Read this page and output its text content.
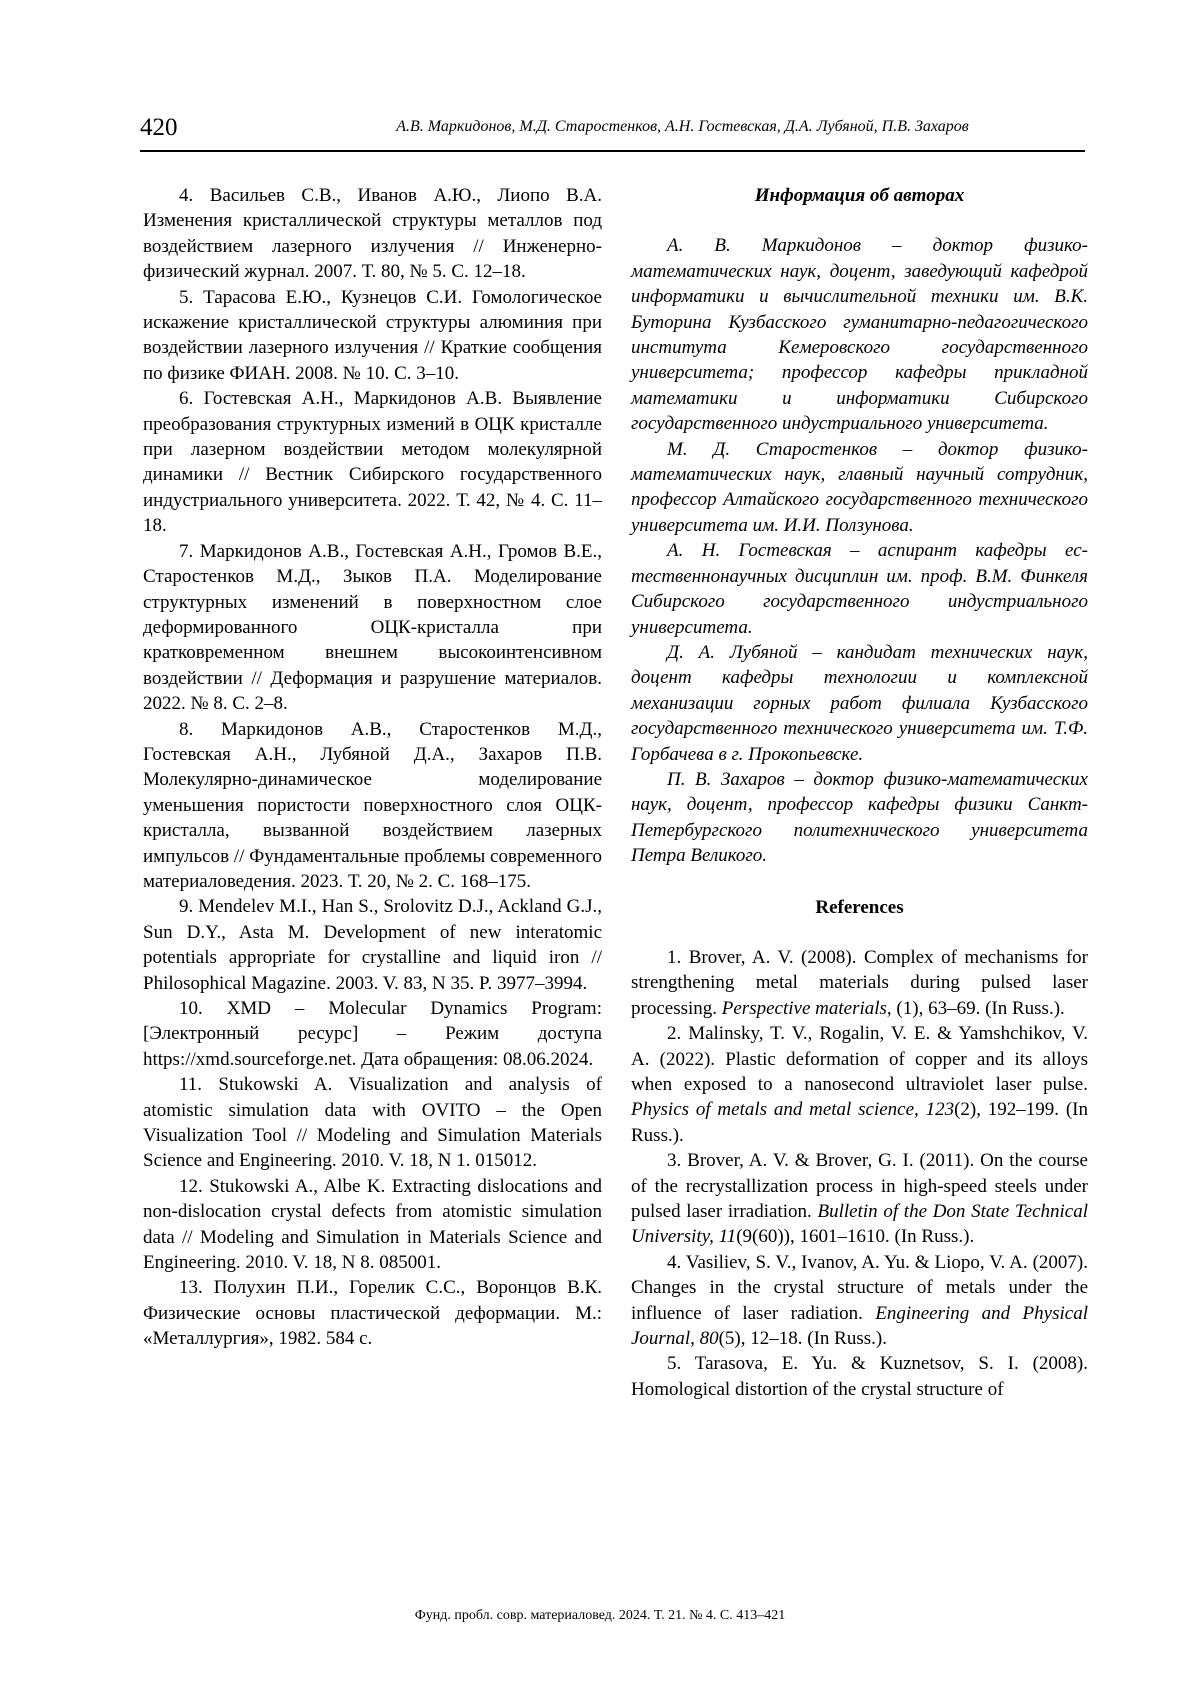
420	А.В. Маркидонов, М.Д. Старостенков, А.Н. Гостевская, Д.А. Лубяной, П.В. Захаров

4. Васильев С.В., Иванов А.Ю., Лиопо В.А. Изменения кристаллической структуры металлов под воздействием лазерного излучения // Инженерно-физический журнал. 2007. Т. 80, № 5. С. 12–18.

5. Тарасова Е.Ю., Кузнецов С.И. Гомологическое искажение кристаллической структуры алюминия при воздействии лазерного излучения // Краткие сообщения по физике ФИАН. 2008. № 10. С. 3–10.

6. Гостевская А.Н., Маркидонов А.В. Выявление преобразования структурных измений в ОЦК кристалле при лазерном воздействии методом молекулярной динамики // Вестник Сибирского государственного индустриального университета. 2022. Т. 42, № 4. С. 11–18.

7. Маркидонов А.В., Гостевская А.Н., Громов В.Е., Старостенков М.Д., Зыков П.А. Моделирование структурных изменений в поверхностном слое деформированного ОЦК-кристалла при кратковременном внешнем высокоинтенсивном воздействии // Деформация и разрушение материалов. 2022. № 8. С. 2–8.

8. Маркидонов А.В., Старостенков М.Д., Гостевская А.Н., Лубяной Д.А., Захаров П.В. Молекулярно-динамическое моделирование уменьшения пористости поверхностного слоя ОЦК-кристалла, вызванной воздействием лазерных импульсов // Фундаментальные проблемы современного материаловедения. 2023. Т. 20, № 2. С. 168–175.

9. Mendelev M.I., Han S., Srolovitz D.J., Ackland G.J., Sun D.Y., Asta M. Development of new interatomic potentials appropriate for crystalline and liquid iron // Philosophical Magazine. 2003. V. 83, N 35. P. 3977–3994.

10. XMD – Molecular Dynamics Program: [Электронный ресурс] – Режим доступа https://xmd.sourceforge.net. Дата обращения: 08.06.2024.

11. Stukowski A. Visualization and analysis of atomistic simulation data with OVITO – the Open Visualization Tool // Modeling and Simulation Materials Science and Engineering. 2010. V. 18, N 1. 015012.

12. Stukowski A., Albe K. Extracting dislocations and non-dislocation crystal defects from atomistic simulation data // Modeling and Simulation in Materials Science and Engineering. 2010. V. 18, N 8. 085001.

13. Полухин П.И., Горелик С.С., Воронцов В.К. Физические основы пластической деформации. М.: «Металлургия», 1982. 584 с.

Информация об авторах

А. В. Маркидонов – доктор физико-математических наук, доцент, заведующий кафедрой информатики и вычислительной техники им. В.К. Буторина Кузбасского гуманитарно-педагогического института Keмеровского государственного университета; профессор кафедры прикладной математики и информатики Сибирского государственного индустриального университета.

М. Д. Старостенков – доктор физико-математических наук, главный научный сотрудник, профессор Алтайского государственного технического университета им. И.И. Ползунова.

А. Н. Гостевская – аспирант кафедры естественнонаучных дисциплин им. проф. В.М. Финкеля Сибирского государственного индустриального университета.

Д. А. Лубяной – кандидат технических наук, доцент кафедры технологии и комплексной механизации горных работ филиала Кузбасского государственного технического университета им. Т.Ф. Горбачева в г. Прокопьевске.

П. В. Захаров – доктор физико-математических наук, доцент, профессор кафедры физики Санкт-Петербургского политехнического университета Петра Великого.

References

1. Brover, A. V. (2008). Complex of mechanisms for strengthening metal materials during pulsed laser processing. Perspective materials, (1), 63–69. (In Russ.).

2. Malinsky, T. V., Rogalin, V. E. & Yamshchikov, V. A. (2022). Plastic deformation of copper and its alloys when exposed to a nanosecond ultraviolet laser pulse. Physics of metals and metal science, 123(2), 192–199. (In Russ.).

3. Brover, A. V. & Brover, G. I. (2011). On the course of the recrystallization process in high-speed steels under pulsed laser irradiation. Bulletin of the Don State Technical University, 11(9(60)), 1601–1610. (In Russ.).

4. Vasiliev, S. V., Ivanov, A. Yu. & Liopo, V. A. (2007). Changes in the crystal structure of metals under the influence of laser radiation. Engineering and Physical Journal, 80(5), 12–18. (In Russ.).

5. Tarasova, E. Yu. & Kuznetsov, S. I. (2008). Homological distortion of the crystal structure of

Фунд. пробл. совр. материаловед. 2024. Т. 21. № 4. С. 413–421
